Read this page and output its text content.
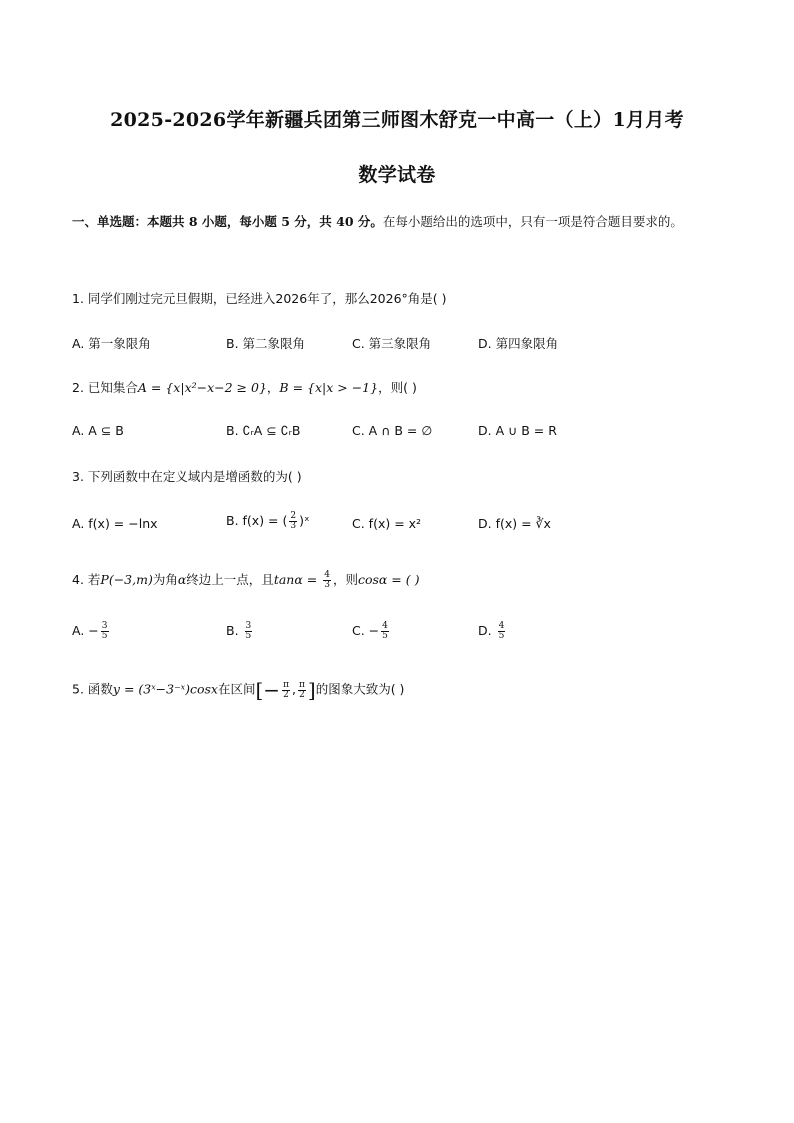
2025-2026学年新疆兵团第三师图木舒克一中高一（上）1月月考
数学试卷
一、单选题：本题共 8 小题，每小题 5 分，共 40 分。在每小题给出的选项中，只有一项是符合题目要求的。
1. 同学们刚过完元旦假期，已经进入2026年了，那么2026°角是( )
A. 第一象限角	B. 第二象限角	C. 第三象限角	D. 第四象限角
2. 已知集合A = {x|x²−x−2 ≥ 0}，B = {x|x > −1}，则( )
A. A ⊆ B	B. ∁ᵣA ⊆ ∁ᵣB	C. A ∩ B = ∅	D. A ∪ B = R
3. 下列函数中在定义域内是增函数的为( )
A. f(x) = −lnx	B. f(x) = ( $\frac{2}{3}$ )ˣ	C. f(x) = x²	D. f(x) = ∛x
4. 若P(−3,m)为角α终边上一点，且$\tan\alpha = \frac{4}{3}$ ，则cosα = ( )
A. − $\frac{3}{5}$	B. $\frac{3}{5}$	C. − $\frac{4}{5}$	D. $\frac{4}{5}$
5. 函数y = (3ˣ−3⁻ˣ)cosx在区间[− $\frac{\pi}{2}$ , $\frac{\pi}{2}$ ]的图象大致为( )
